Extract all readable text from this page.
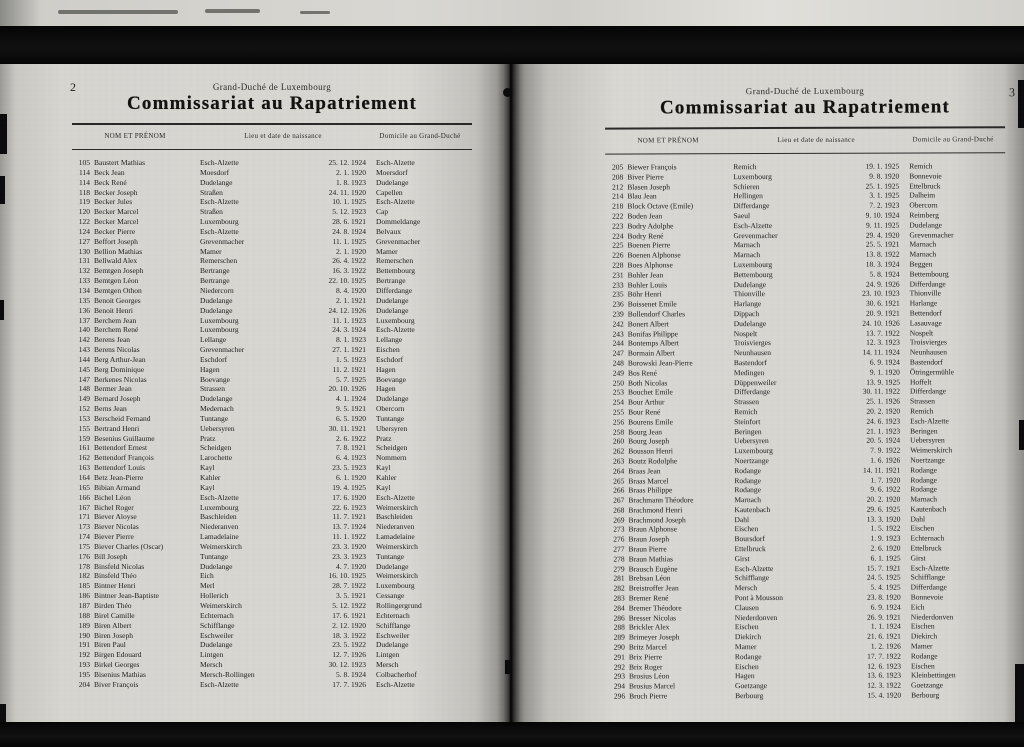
2	Grand-Duché de Luxembourg
Commissariat au Rapatriement
NOM ET PRÉNOM	Lieu et date de naissance	Domicile au Grand-Duché
105 Baustert Mathias	Esch-Alzette	25. 12. 1924 Esch-Alzette
114 Beck Jean	Moesdorf	2. 1. 1920 Moersdorf
114 Beck René	Dudelange	1. 8. 1923 Dudelange
118 Becker Joseph	Straßen	24. 11. 1920 Capellen
119 Becker Jules	Esch-Alzette	10. 1. 1925 Esch-Alzette
120 Becker Marcel	Straßen	5. 12. 1923 Cap
122 Becker Marcel	Luxembourg	28. 6. 1921 Dommeldange
124 Becker Pierre	Esch-Alzette	24. 8. 1924 Belvaux
127 Beffort Joseph	Grevenmacher	11. 1. 1925 Grevenmacher
130 Bellion Mathias	Mamer	2. 1. 1920 Mamer
131 Bellwald Alex	Remerschen	26. 4. 1922 Remerschen
132 Bemtgen Joseph	Bertrange	16. 3. 1922 Bettembourg
133 Bemtgen Léon	Bertrange	22. 10. 1925 Bertrange
134 Bemtgen Othon	Niedercorn	8. 4. 1920 Differdange
135 Benoit Georges	Dudelange	2. 1. 1921 Dudelange
136 Benoit Henri	Dudelange	24. 12. 1926 Dudelange
137 Berchem Jean	Luxembourg	11. 1. 1923 Luxembourg
140 Berchem René	Luxembourg	24. 3. 1924 Esch-Alzette
142 Berens Jean	Lellange	8. 1. 1923 Lellange
143 Berens Nicolas	Grevenmacher	27. 1. 1921 Eischen
144 Berg Arthur-Jean	Eschdorf	1. 5. 1923 Eschdorf
145 Berg Dominique	Hagen	11. 2. 1921 Hagen
147 Berkenes Nicolas	Boevange	5. 7. 1925 Boevange
148 Bermer Jean	Strassen	20. 10. 1926 Hagen
149 Bernard Joseph	Dudelange	4. 1. 1924 Dudelange
152 Berns Jean	Medernach	9. 5. 1921 Obercorn
153 Berscheid Fernand	Tuntange	6. 5. 1920 Tuntange
155 Bertrand Henri	Uebersyren	30. 11. 1921 Ubersyren
159 Besenius Guillaume	Pratz	2. 6. 1922 Pratz
161 Bettendorf Ernest	Scheidgen	7. 8. 1921 Scheidgen
162 Bettendorf François	Larochette	6. 4. 1923 Nommern
163 Bettendorf Louis	Kayl	23. 5. 1923 Kayl
164 Betz Jean-Pierre	Kahler	6. 1. 1920 Kahler
165 Bibian Armand	Kayl	19. 4. 1925 Kayl
166 Bichel Léon	Esch-Alzette	17. 6. 1920 Esch-Alzette
167 Bichel Roger	Luxembourg	22. 6. 1923 Weimerskirch
171 Biever Aloyse	Baschleiden	11. 7. 1921 Baschleiden
173 Biever Nicolas	Niederanven	13. 7. 1924 Niederanven
174 Biever Pierre	Lamadelaine	11. 1. 1922 Lamadelaine
175 Biever Charles (Oscar)	Weimerskirch	23. 3. 1920 Weimerskirch
176 Bill Joseph	Tuntange	23. 3. 1923 Tuntange
178 Binsfeld Nicolas	Dudelange	4. 7. 1920 Dudelange
182 Binsfeld Théo	Eich	16. 10. 1925 Weimerskirch
185 Bintner Henri	Merl	28. 7. 1922 Luxembourg
186 Bintner Jean-Baptiste	Hollerich	3. 5. 1921 Cessange
187 Birden Théo	Weimerskirch	5. 12. 1922 Rollingergrund
188 Birel Camille	Echternach	17. 6. 1921 Echternach
189 Biren Albert	Schifflange	2. 12. 1920 Schifflange
190 Biren Joseph	Eschweiler	18. 3. 1922 Eschweiler
191 Biren Paul	Dudelange	23. 5. 1922 Dudelange
192 Birgen Edouard	Lintgen	12. 7. 1926 Lintgen
193 Birkel Georges	Mersch	30. 12. 1923 Mersch
195 Bisenius Mathias	Mersch-Rollingen	5. 8. 1924 Colbacherhof
204 Biver François	Esch-Alzette	17. 7. 1926 Esch-Alzette
3
Grand-Duché de Luxembourg
Commissariat au Rapatriement
NOM ET PRÉNOM	Lieu et date de naissance	Domicile au Grand-Duché
205 Biewer François	Remich	19. 1. 1925 Remich
208 Biver Pierre	Luxembourg	9. 8. 1920 Bonnevoie
212 Blasen Joseph	Schieren	25. 1. 1925 Ettelbruck
214 Blau Jean	Hellingen	3. 1. 1925 Dalheim
218 Block Octave (Emile)	Differdange	7. 2. 1923 Obercorn
222 Boden Jean	Saeul	9. 10. 1924 Reimberg
223 Bodry Adolphe	Esch-Alzette	9. 11. 1925 Dudelange
224 Bodry René	Grevenmacher	29. 4. 1920 Grevenmacher
225 Boenen Pierre	Marnach	25. 5. 1921 Marnach
226 Boenen Alphonse	Marnach	13. 8. 1922 Marnach
228 Boes Alphonse	Luxembourg	18. 3. 1924 Beggen
231 Bohler Jean	Bettembourg	5. 8. 1924 Bettembourg
233 Bohler Louis	Dudelange	24. 9. 1926 Differdange
235 Böhr Henri	Thionville	23. 10. 1923 Thionville
236 Boissenet Emile	Harlange	30. 6. 1921 Harlange
239 Bollendorf Charles	Dippach	20. 9. 1921 Bettendorf
242 Bonert Albert	Dudelange	24. 10. 1926 Lasauvage
243 Bonifas Philippe	Nospelt	13. 7. 1922 Nospelt
244 Bontemps Albert	Troisvierges	12. 3. 1923 Troisvierges
247 Bormain Albert	Neunhausen	14. 11. 1924 Neunhausen
248 Borowski Jean-Pierre	Bastendorf	6. 9. 1924 Bastendorf
249 Bos René	Medingen	9. 1. 1920 Ötringermühle
250 Both Nicolas	Düppenweiler	13. 9. 1925 Hoffelt
253 Bouchet Emile	Differdange	30. 11. 1922 Differdange
254 Bour Arthur	Strassen	25. 1. 1926 Strassen
255 Bour René	Remich	20. 2. 1920 Remich
256 Bourens Emile	Steinfort	24. 6. 1923 Esch-Alzette
258 Bourg Jean	Beringen	21. 1. 1923 Beringen
260 Bourg Joseph	Uebersyren	20. 5. 1924 Uebersyren
262 Bousson Henri	Luxembourg	7. 9. 1922 Weimerskirch
263 Boutz Rodolphe	Noertzange	1. 6. 1926 Noertzange
264 Braas Jean	Rodange	14. 11. 1921 Rodange
265 Braas Marcel	Rodange	1. 7. 1920 Rodange
266 Braas Philippe	Rodange	9. 6. 1922 Rodange
267 Brachmann Théodore	Marnach	20. 2. 1920 Marnach
268 Brachmond Henri	Kautenbach	29. 6. 1925 Kautenbach
269 Brachmond Joseph	Dahl	13. 3. 1920 Dahl
273 Braun Alphonse	Eischen	1. 5. 1922 Eischen
276 Braun Joseph	Boursdorf	1. 9. 1923 Echternach
277 Braun Pierre	Ettelbruck	2. 6. 1920 Ettelbruck
278 Braun Mathias	Girst	6. 1. 1925 Girst
279 Brausch Eugène	Esch-Alzette	15. 7. 1921 Esch-Alzette
281 Brebsan Léon	Schifflange	24. 5. 1925 Schifflange
282 Breistroffer Jean	Mersch	5. 4. 1925 Differdange
283 Bremer René	Pont à Mousson	23. 8. 1920 Bonnevoie
284 Bremer Théodore	Clausen	6. 9. 1924 Eich
286 Bresser Nicolas	Niederdonven	26. 9. 1921 Niederdonven
288 Brickler Alex	Eischen	1. 1. 1924 Eischen
289 Brimeyer Joseph	Diekirch	21. 6. 1921 Diekirch
290 Britz Marcel	Mamer	1. 2. 1926 Mamer
291 Brix Pierre	Rodange	17. 7. 1922 Rodange
292 Brix Roger	Eischen	12. 6. 1923 Eischen
293 Brosius Léon	Hagen	13. 6. 1923 Kleinbettingen
294 Brosius Marcel	Goetzange	12. 3. 1922 Goetzange
296 Bruch Pierre	Berbourg	15. 4. 1920 Berbourg
